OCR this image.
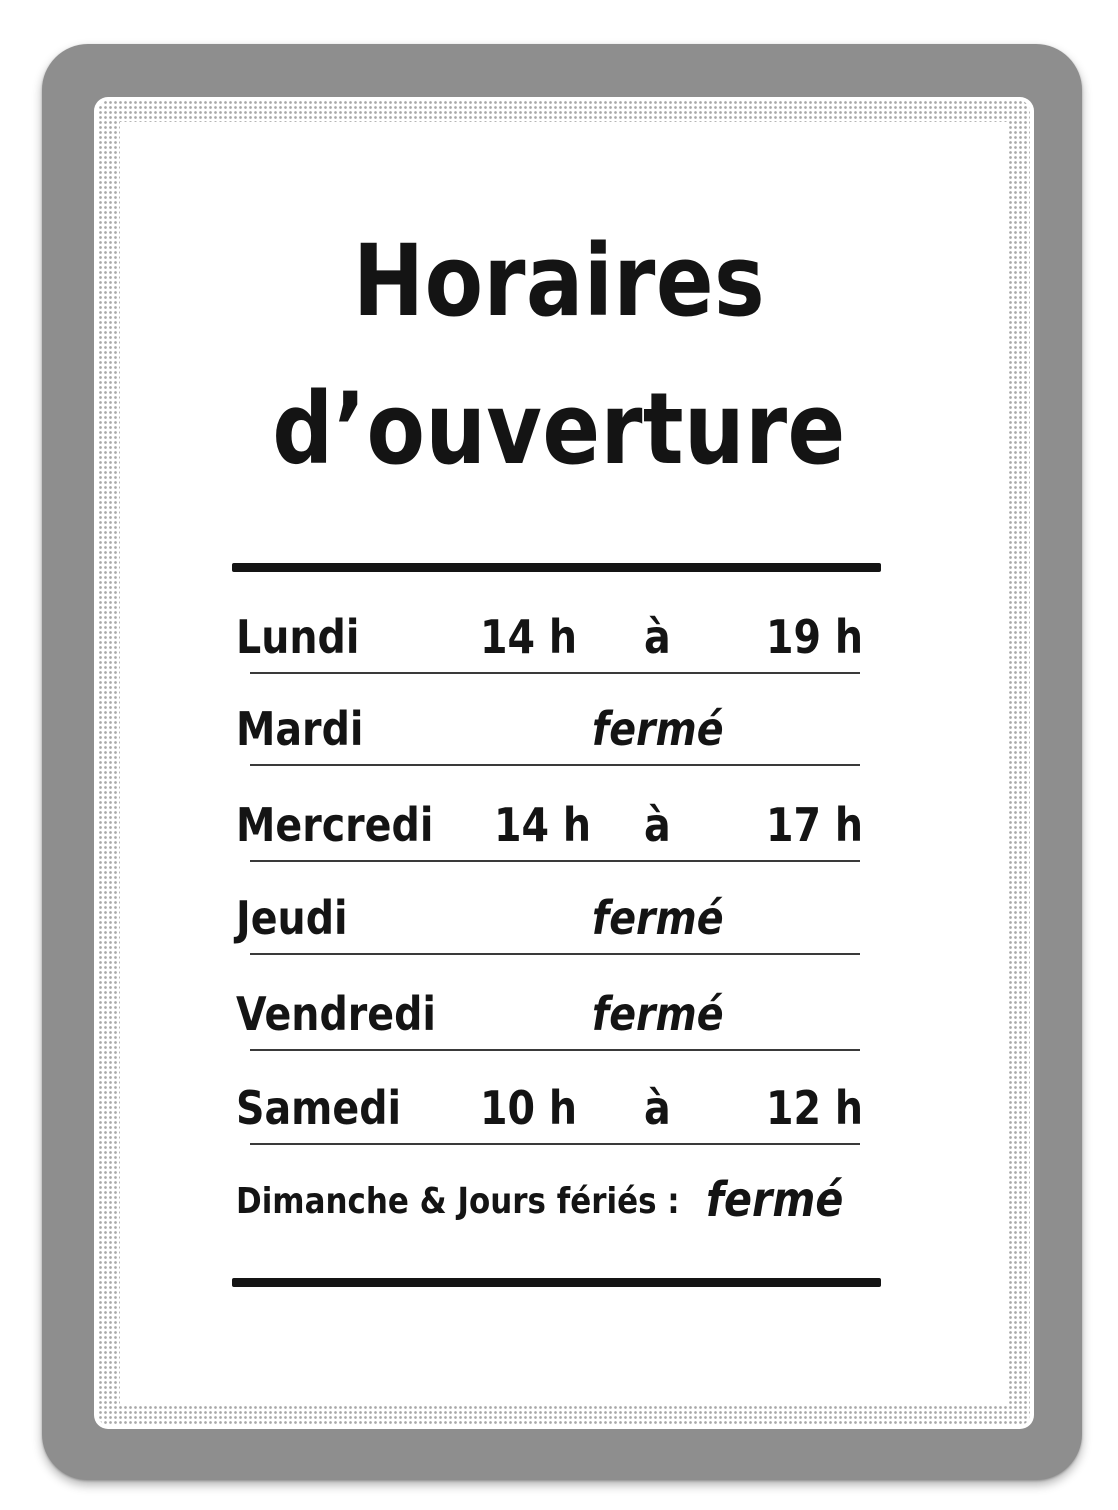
Horaires
d’ouverture
Lundi	14 h à 19 h
Mardi	fermé
Mercredi 14 h à 17 h
Jeudi	fermé
Vendredi	fermé
Samedi 10 h à 12 h
Dimanche & Jours fériés : fermé
